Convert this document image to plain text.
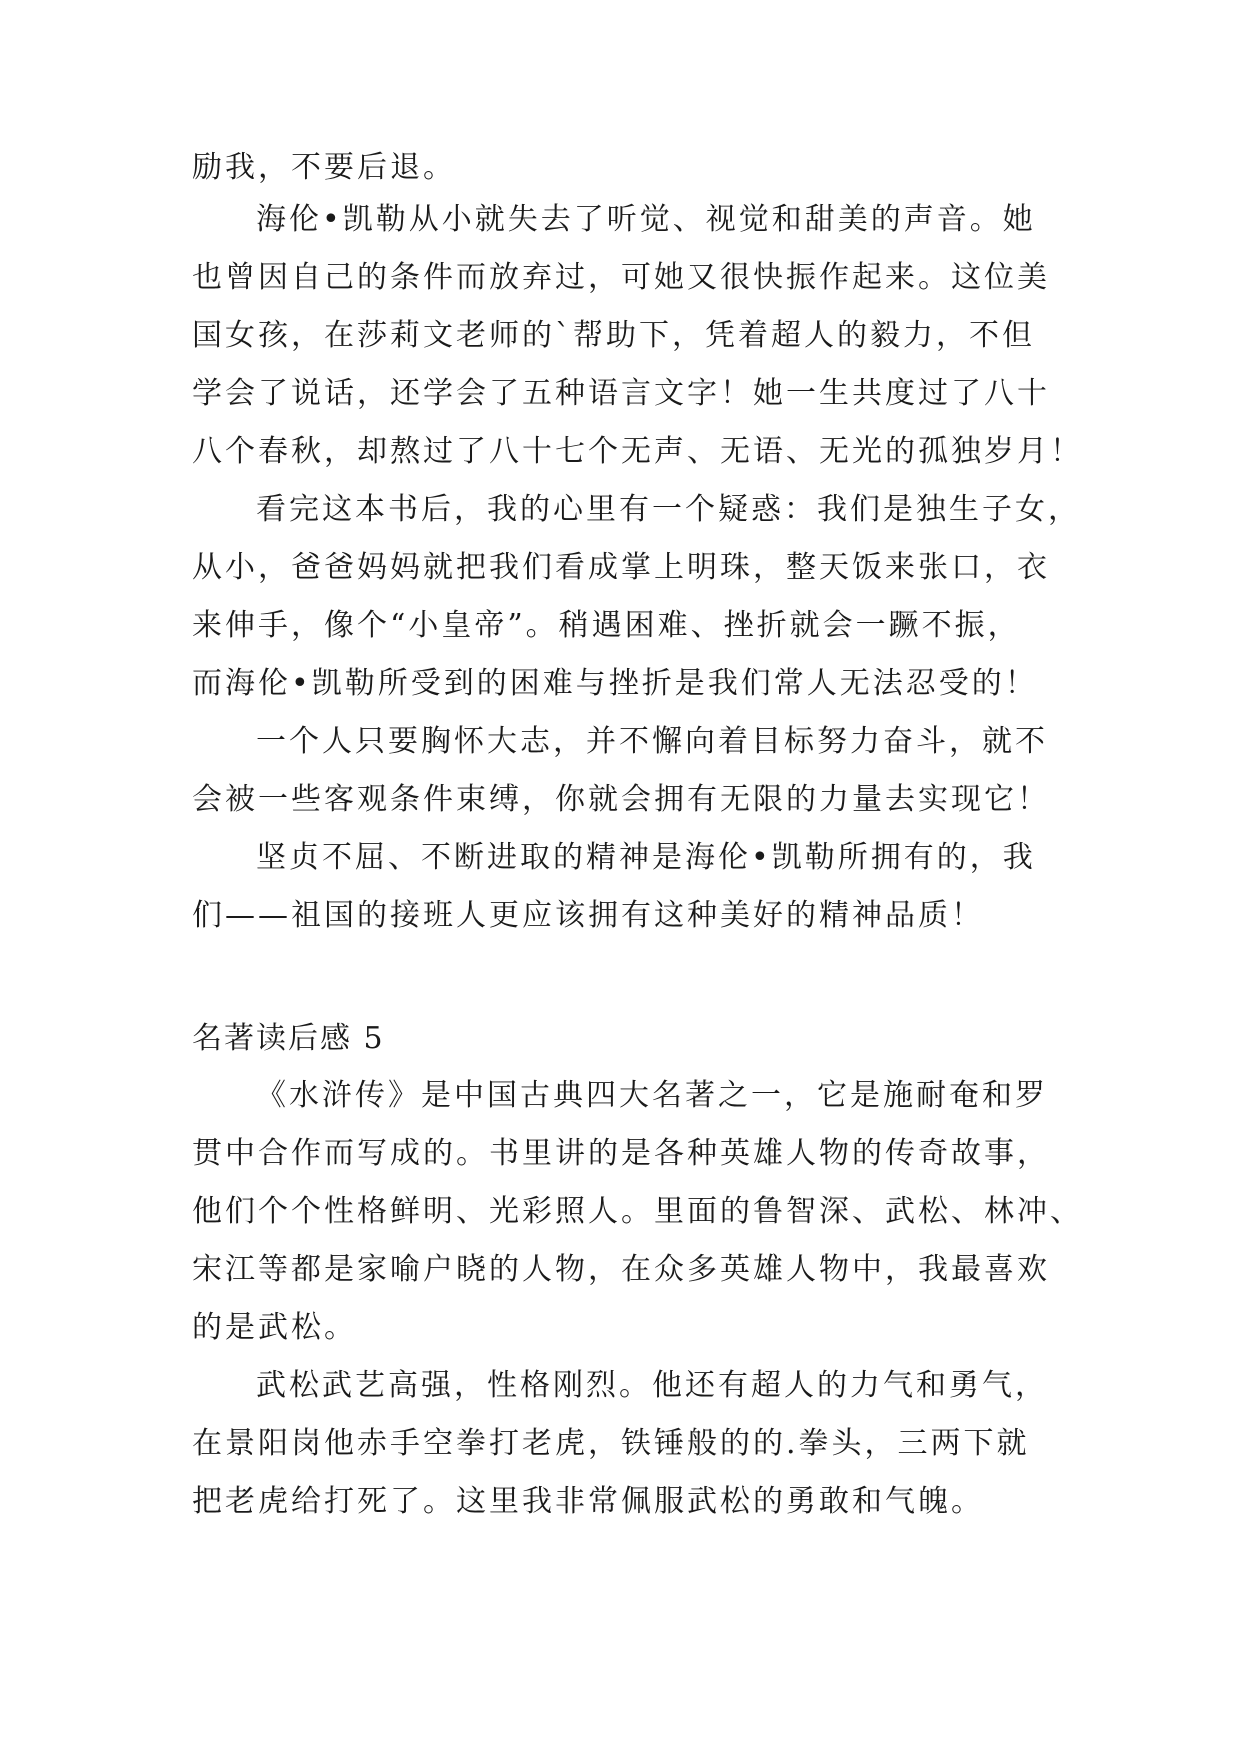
励我，不要后退。
海伦•凯勒从小就失去了听觉、视觉和甜美的声音。她
也曾因自己的条件而放弃过，可她又很快振作起来。这位美
国女孩，在莎莉文老师的`帮助下，凭着超人的毅力，不但
学会了说话，还学会了五种语言文字！她一生共度过了八十
八个春秋，却熬过了八十七个无声、无语、无光的孤独岁月！
看完这本书后，我的心里有一个疑惑：我们是独生子女，
从小，爸爸妈妈就把我们看成掌上明珠，整天饭来张口，衣
来伸手，像个“小皇帝”。稍遇困难、挫折就会一蹶不振，
而海伦•凯勒所受到的困难与挫折是我们常人无法忍受的！
一个人只要胸怀大志，并不懈向着目标努力奋斗，就不
会被一些客观条件束缚，你就会拥有无限的力量去实现它！
坚贞不屈、不断进取的精神是海伦•凯勒所拥有的，我
们——祖国的接班人更应该拥有这种美好的精神品质！
名著读后感 5
《水浒传》是中国古典四大名著之一，它是施耐奄和罗
贯中合作而写成的。书里讲的是各种英雄人物的传奇故事，
他们个个性格鲜明、光彩照人。里面的鲁智深、武松、林冲、
宋江等都是家喻户晓的人物，在众多英雄人物中，我最喜欢
的是武松。
武松武艺高强，性格刚烈。他还有超人的力气和勇气，
在景阳岗他赤手空拳打老虎，铁锤般的的.拳头，三两下就
把老虎给打死了。这里我非常佩服武松的勇敢和气魄。
